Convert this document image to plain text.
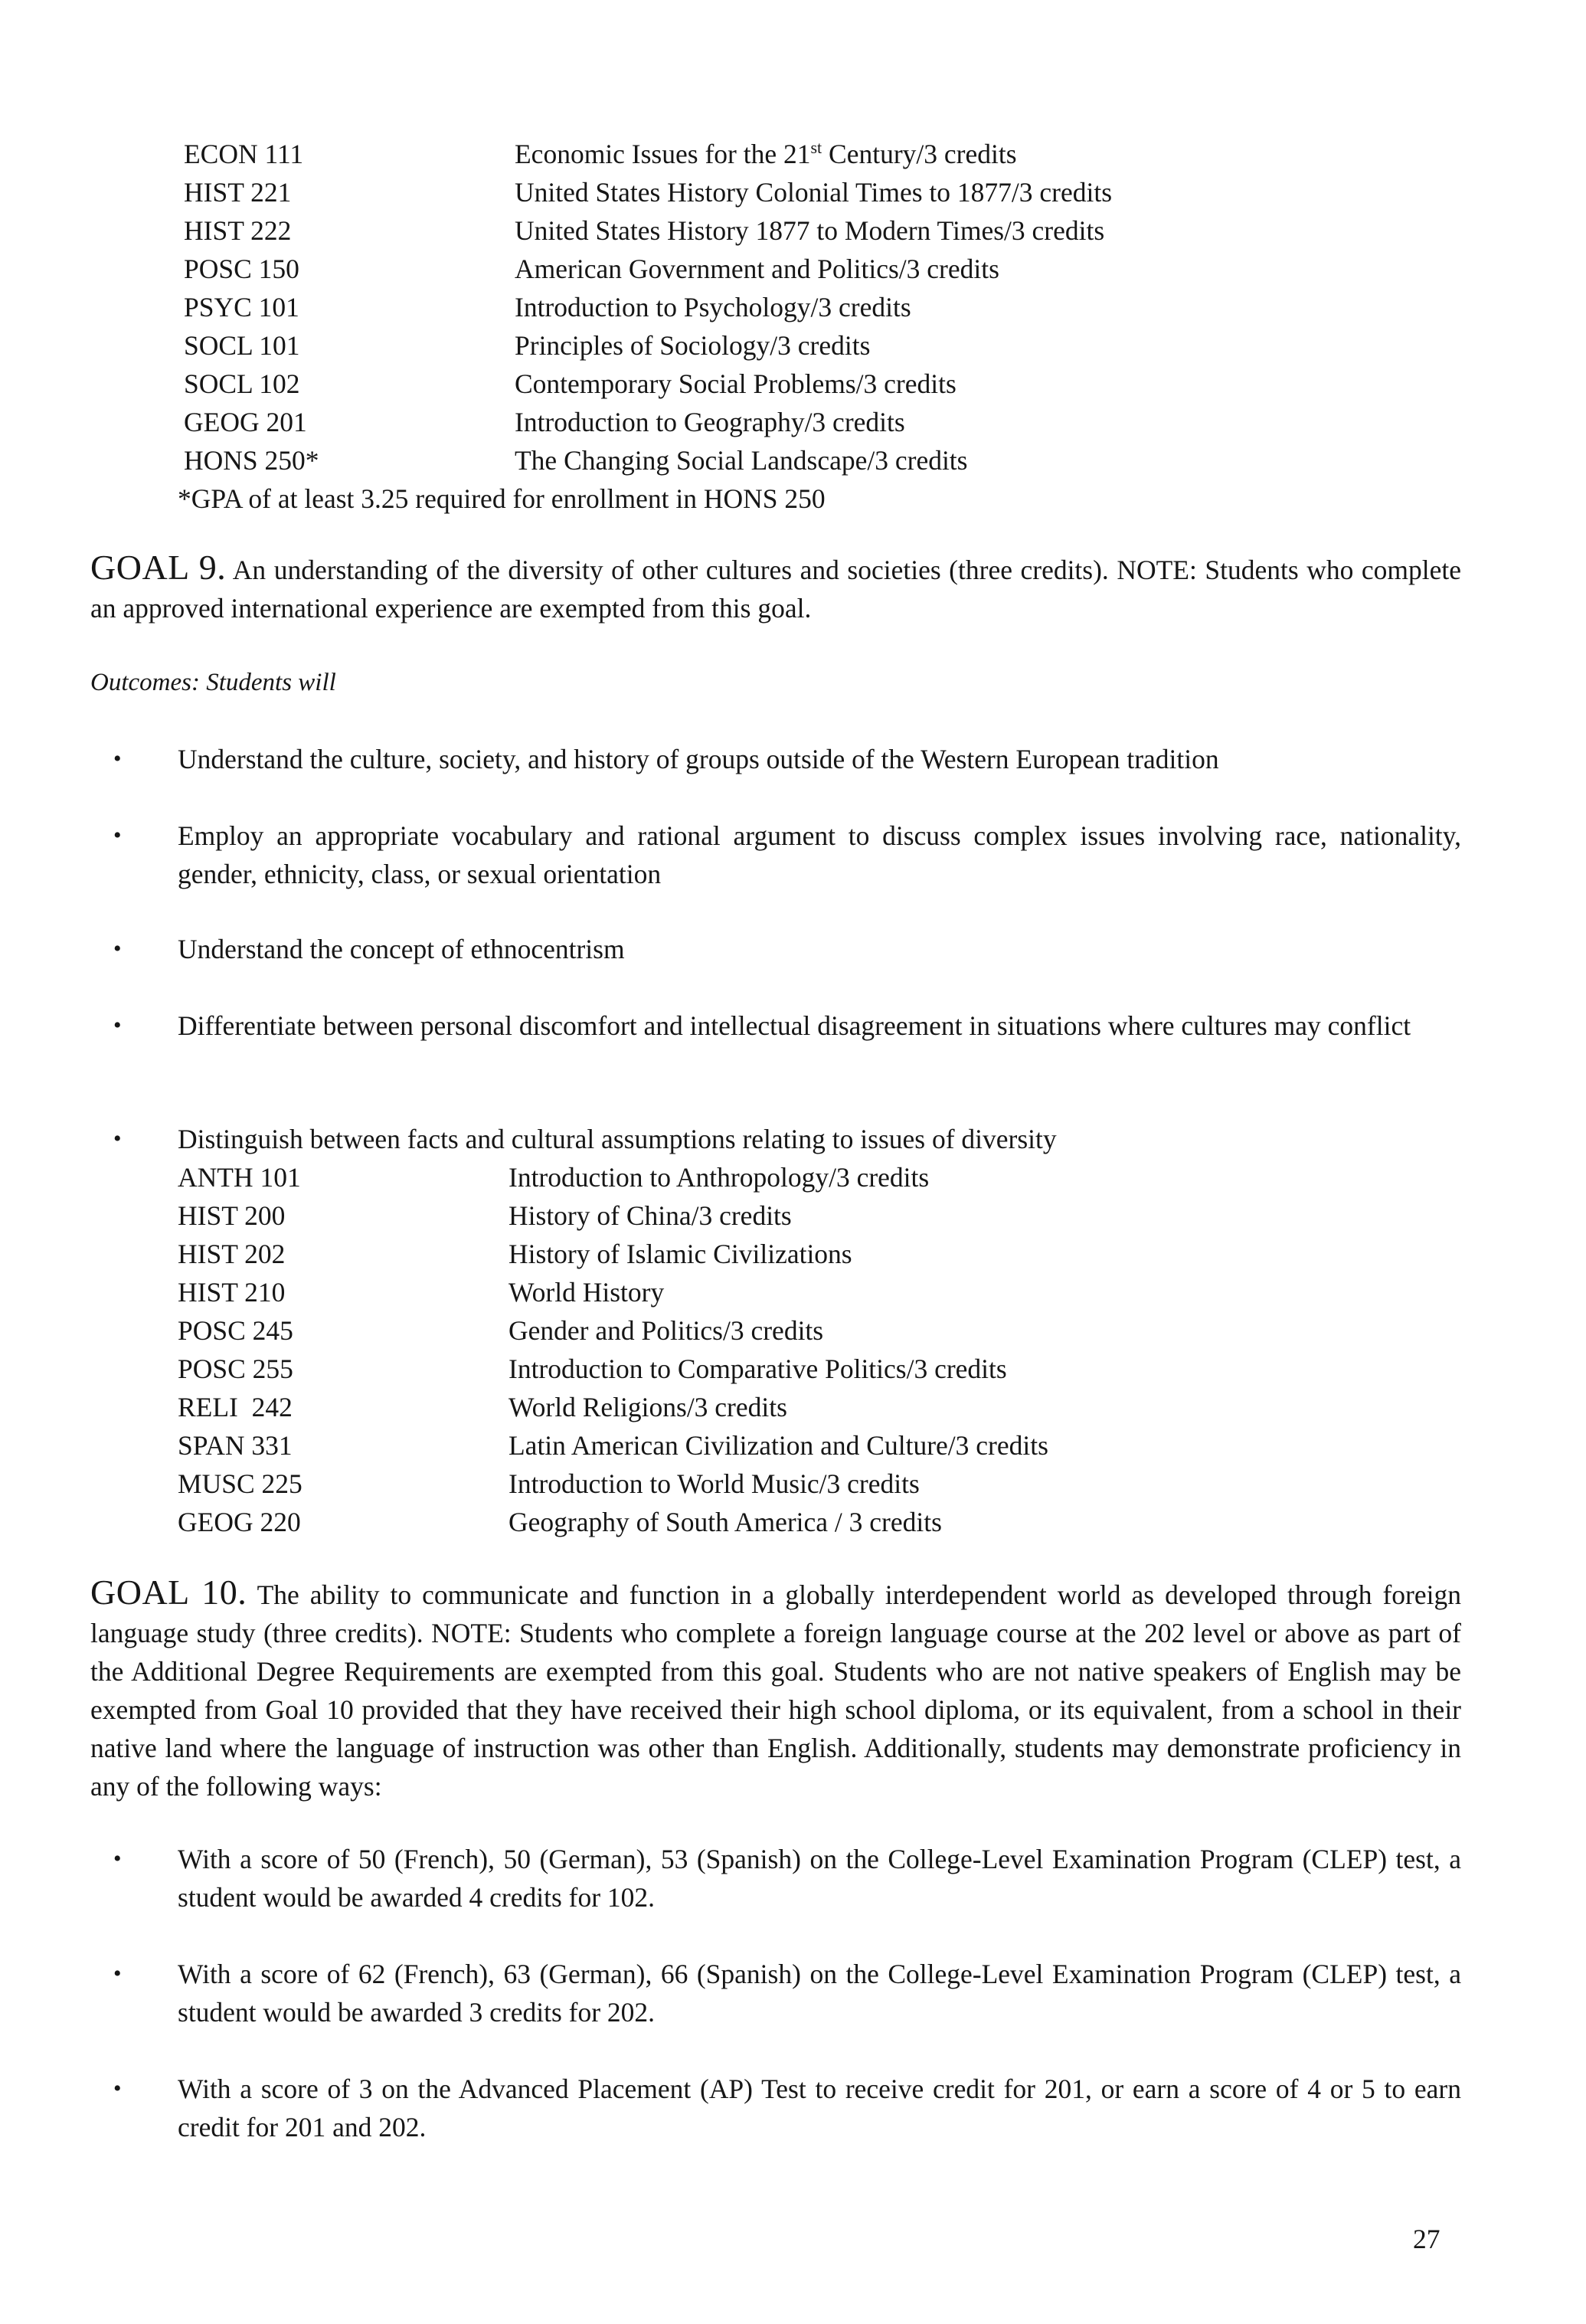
ECON 111	Economic Issues for the 21st Century/3 credits
HIST 221	United States History Colonial Times to 1877/3 credits
HIST 222	United States History 1877 to Modern Times/3 credits
POSC 150	American Government and Politics/3 credits
PSYC 101	Introduction to Psychology/3 credits
SOCL 101	Principles of Sociology/3 credits
SOCL 102	Contemporary Social Problems/3 credits
GEOG 201	Introduction to Geography/3 credits
HONS 250*	The Changing Social Landscape/3 credits
*GPA of at least 3.25 required for enrollment in HONS 250
GOAL 9. An understanding of the diversity of other cultures and societies (three credits). NOTE: Students who complete an approved international experience are exempted from this goal.
Outcomes: Students will
• Understand the culture, society, and history of groups outside of the Western European tradition
• Employ an appropriate vocabulary and rational argument to discuss complex issues involving race, nationality, gender, ethnicity, class, or sexual orientation
• Understand the concept of ethnocentrism
• Differentiate between personal discomfort and intellectual disagreement in situations where cultures may conflict
• Distinguish between facts and cultural assumptions relating to issues of diversity
ANTH 101	Introduction to Anthropology/3 credits
HIST 200	History of China/3 credits
HIST 202	History of Islamic Civilizations
HIST 210	World History
POSC 245	Gender and Politics/3 credits
POSC 255	Introduction to Comparative Politics/3 credits
RELI  242	World Religions/3 credits
SPAN 331	Latin American Civilization and Culture/3 credits
MUSC 225	Introduction to World Music/3 credits
GEOG 220	Geography of South America / 3 credits
GOAL 10. The ability to communicate and function in a globally interdependent world as developed through foreign language study (three credits). NOTE: Students who complete a foreign language course at the 202 level or above as part of the Additional Degree Requirements are exempted from this goal. Students who are not native speakers of English may be exempted from Goal 10 provided that they have received their high school diploma, or its equivalent, from a school in their native land where the language of instruction was other than English. Additionally, students may demonstrate proficiency in any of the following ways:
• With a score of 50 (French), 50 (German), 53 (Spanish) on the College-Level Examination Program (CLEP) test, a student would be awarded 4 credits for 102.
• With a score of 62 (French), 63 (German), 66 (Spanish) on the College-Level Examination Program (CLEP) test, a student would be awarded 3 credits for 202.
• With a score of 3 on the Advanced Placement (AP) Test to receive credit for 201, or earn a score of 4 or 5 to earn credit for 201 and 202.
27
